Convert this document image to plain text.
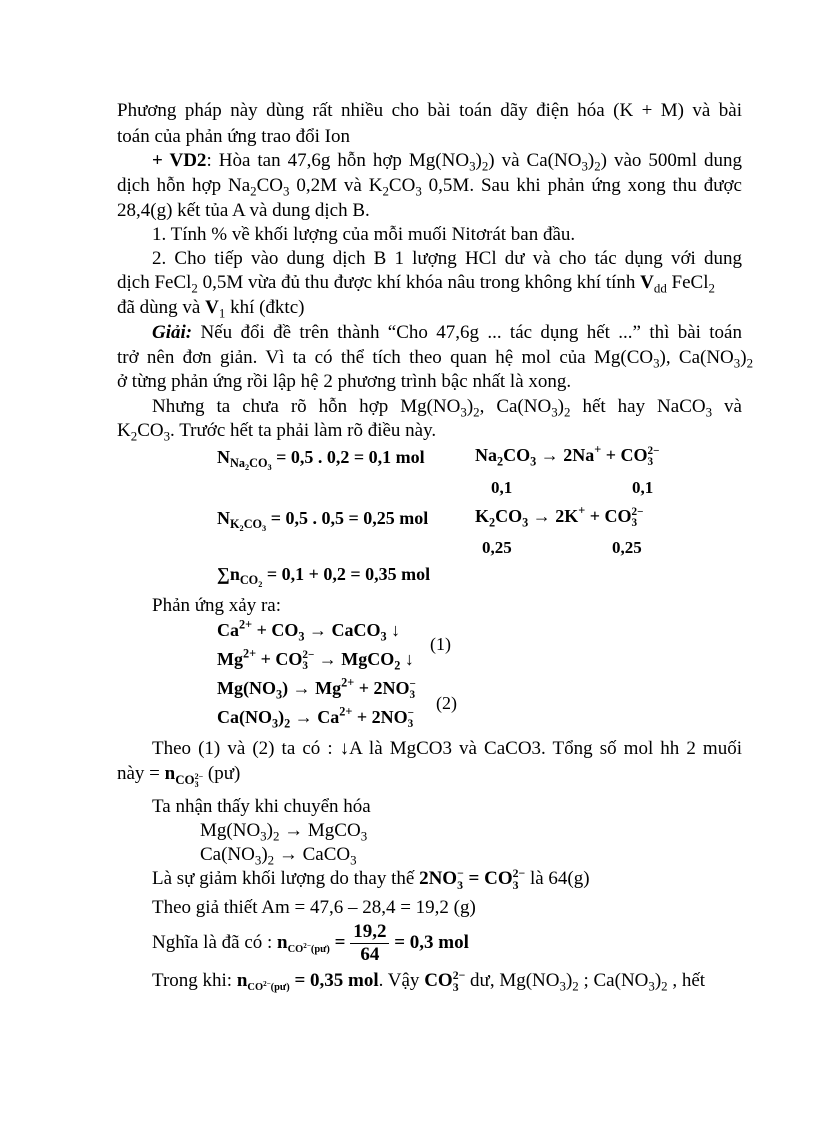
Phương pháp này dùng rất nhiều cho bài toán dãy điện hóa (K + M) và bài
toán của phản ứng trao đổi Ion
+ VD2: Hòa tan 47,6g hỗn hợp $Mg(NO_3)_2$) và $Ca(NO_3)_2$) vào 500ml dung
dịch hỗn hợp $Na_2CO_3$ 0,2M và $K_2CO_3$ 0,5M. Sau khi phản ứng xong thu được
28,4(g) kết tủa A và dung dịch B.
1. Tính % về khối lượng của mỗi muối Nitơrát ban đầu.
2. Cho tiếp vào dung dịch B 1 lượng HCl dư và cho tác dụng với dung
dịch FeCl$_2$ 0,5M vừa đủ thu được khí khóa nâu trong không khí tính $V_{dd}$ FeCl$_2$
đã dùng và $V_1$ khí (đktc)
Giải: Nếu đổi đề trên thành “Cho 47,6g ... tác dụng hết ...” thì bài toán
trở nên đơn giản. Vì ta có thể tích theo quan hệ mol của $Mg(CO_3)$, $Ca(NO_3)_2$
ở từng phản ứng rồi lập hệ 2 phương trình bậc nhất là xong.
Nhưng ta chưa rõ hỗn hợp $Mg(NO_3)_2$, $Ca(NO_3)_2$ hết hay NaCO$_3$ và
$K_2CO_3$. Trước hết ta phải làm rõ điều này.
$N_{Na_2CO_3} = 0,5$ . 0,2 = 0,1 mol	$Na_2CO_3 \to 2Na^+$ + CO 2−
3
0,1	0,1
$N_{K_2CO_3} = 0,5$ . 0,5 = 0,25 mol	$K_2CO_3 \to 2K^+$ + CO 2−
3
0,25	0,25
$\sum n_{CO_2} = 0,1 + 0,2 = 0,35$ mol
Phản ứng xảy ra:
$Ca^{2+} + CO_3$ → CaCO$_3$ ↓
$Mg^{2+}$ + CO 2−
3 → MgCO$_2$ ↓
(1)
$Mg(NO_3) \to Mg^{2+} + 2NO$ −
3
$Ca(NO_3)_2 \to Ca^{2+} + 2NO$ −
3
(2)
Theo (1) và (2) ta có : ↓A là MgCO3 và CaCO3. Tổng số mol hh 2 muối
này = $n_{CO 2- 3}$
(pư)
Ta nhận thấy khi chuyển hóa
$Mg(NO_3)_2$ → MgCO$_3$
$Ca(NO_3)_2$ → CaCO$_3$
Là sự giảm khối lượng do thay thế 2NO −
3 = CO 2−
3 là 64(g)
Theo giả thiết Am = 47,6 – 28,4 = 19,2 (g)
Nghĩa là đã có : $n_{CO^{2-}(pư)} = \frac{19,2}{64} = 0,3$ mol
Trong khi: $n_{CO^{2-}(pư)} = 0,35$ mol. Vậy CO 2−
3 dư, $Mg(NO_3)_2$ ; $Ca(NO_3)_2$ , hết
